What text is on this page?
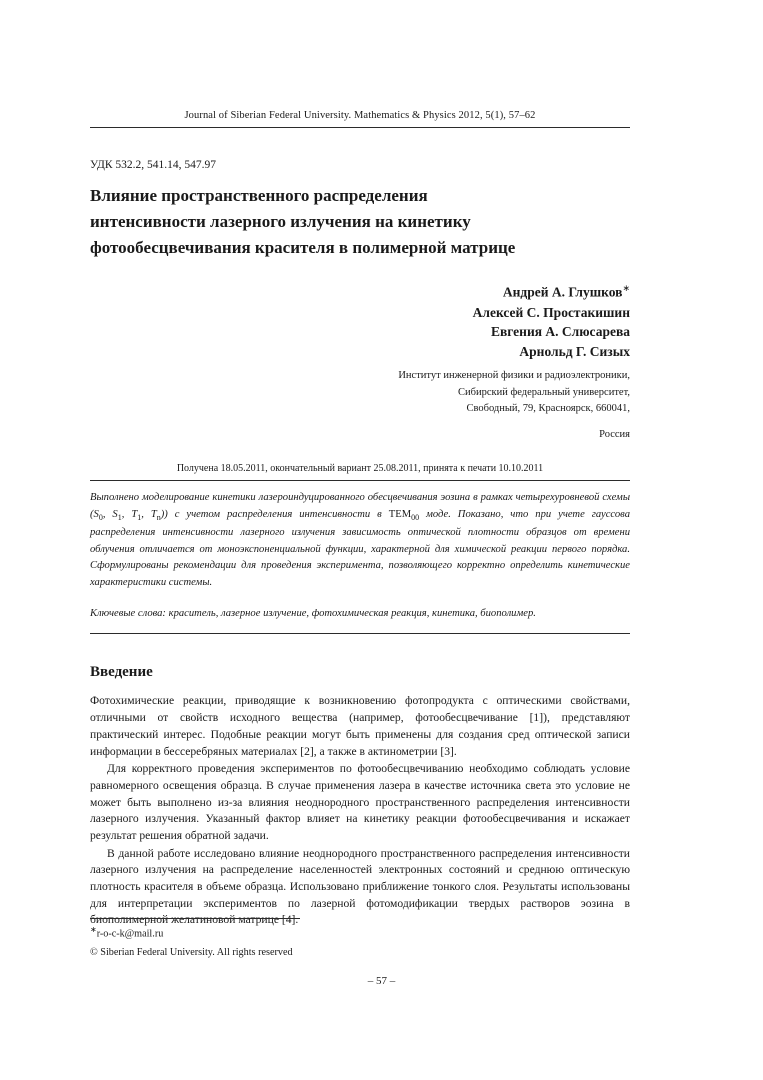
Journal of Siberian Federal University. Mathematics & Physics 2012, 5(1), 57–62
УДК 532.2, 541.14, 547.97
Влияние пространственного распределения
интенсивности лазерного излучения на кинетику
фотообесцвечивания красителя в полимерной матрице
Андрей А. Глушков∗
Алексей С. Простакишин
Евгения А. Слюсарева
Арнольд Г. Сизых
Институт инженерной физики и радиоэлектроники,
Сибирский федеральный университет,
Свободный, 79, Красноярск, 660041,
Россия
Получена 18.05.2011, окончательный вариант 25.08.2011, принята к печати 10.10.2011
Выполнено моделирование кинетики лазероиндуцированного обесцвечивания эозина в рамках четырехуровневой схемы ($S_0$, $S_1$, $T_1$, $T_n$)) с учетом распределения интенсивности в $TEM_{00}$ моде. Показано, что при учете гауссова распределения интенсивности лазерного излучения зависимость оптической плотности образцов от времени облучения отличается от моноэкспоненциальной функции, характерной для химической реакции первого порядка. Сформулированы рекомендации для проведения эксперимента, позволяющего корректно определить кинетические характеристики системы.
Ключевые слова: краситель, лазерное излучение, фотохимическая реакция, кинетика, биополимер.
Введение

Фотохимические реакции, приводящие к возникновению фотопродукта с оптическими свойствами, отличными от свойств исходного вещества (например, фотообесцвечивание [1]), представляют практический интерес. Подобные реакции могут быть применены для создания сред оптической записи информации в бессеребряных материалах [2], а также в актинометрии [3].

Для корректного проведения экспериментов по фотообесцвечиванию необходимо соблюдать условие равномерного освещения образца. В случае применения лазера в качестве источника света это условие не может быть выполнено из-за влияния неоднородного пространственного распределения интенсивности лазерного излучения. Указанный фактор влияет на кинетику реакции фотообесцвечивания и искажает результат решения обратной задачи.

В данной работе исследовано влияние неоднородного пространственного распределения интенсивности лазерного излучения на распределение населенностей электронных состояний и среднюю оптическую плотность красителя в объеме образца. Использовано приближение тонкого слоя. Результаты использованы для интерпретации экспериментов по лазерной фотомодификации твердых растворов эозина в биополимерной желатиновой матрице [4].

∗r-o-c-k@mail.ru
© Siberian Federal University. All rights reserved
– 57 –
